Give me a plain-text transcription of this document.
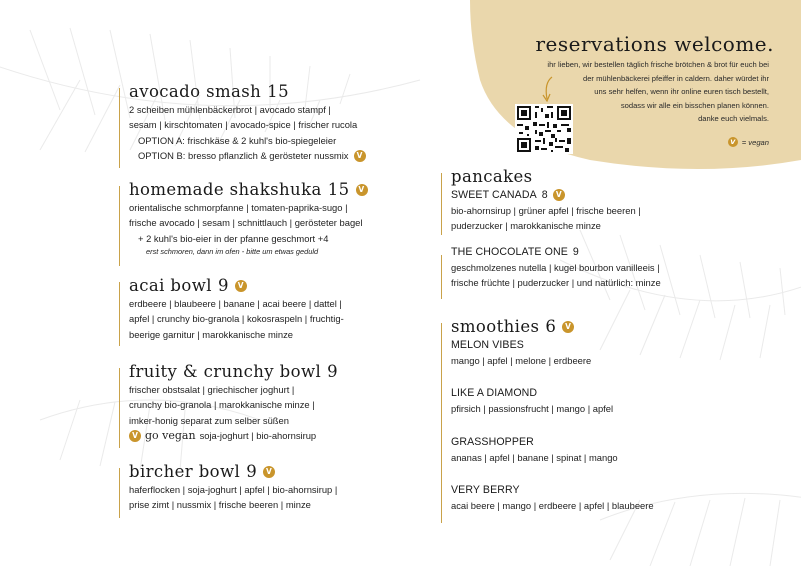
reservations welcome.
ihr lieben, wir bestellen täglich frische brötchen & brot für euch bei
der mühlenbäckerei pfeiffer in caldern. daher würdet ihr
uns sehr helfen, wenn ihr online euren tisch bestellt,
sodass wir alle ein bisschen planen können.
danke euch vielmals.
V = vegan
avocado smash 15
2 scheiben mühlenbäckerbrot | avocado stampf |
sesam | kirschtomaten | avocado-spice | frischer rucola
OPTION A: frischkäse & 2 kuhl's bio-spiegeleier
OPTION B: bresso pflanzlich & gerösteter nussmix	V
homemade shakshuka 15	V
orientalische schmorpfanne | tomaten-paprika-sugo |
frische avocado | sesam | schnittlauch | gerösteter bagel
+ 2 kuhl's bio-eier in der pfanne geschmort +4
erst schmoren, dann im ofen - bitte um etwas geduld
acai bowl 9	V
erdbeere | blaubeere | banane | acai beere | dattel |
apfel | crunchy bio-granola | kokosraspeln | fruchtig-
beerige garnitur | marokkanische minze
fruity & crunchy bowl 9
frischer obstsalat | griechischer joghurt |
crunchy bio-granola | marokkanische minze |
imker-honig separat zum selber süßen
V go vegan soja-joghurt | bio-ahornsirup
bircher bowl 9	V
haferflocken | soja-joghurt | apfel | bio-ahornsirup |
prise zimt | nussmix | frische beeren | minze
pancakes
SWEET CANADA 8	V
bio-ahornsirup | grüner apfel | frische beeren |
puderzucker | marokkanische minze
THE CHOCOLATE ONE 9
geschmolzenes nutella | kugel bourbon vanilleeis |
frische früchte | puderzucker | und natürlich: minze
smoothies 6	V
MELON VIBES
mango | apfel | melone | erdbeere
LIKE A DIAMOND
pfirsich | passionsfrucht | mango | apfel
GRASSHOPPER
ananas | apfel | banane | spinat | mango
VERY BERRY
acai beere | mango | erdbeere | apfel | blaubeere
